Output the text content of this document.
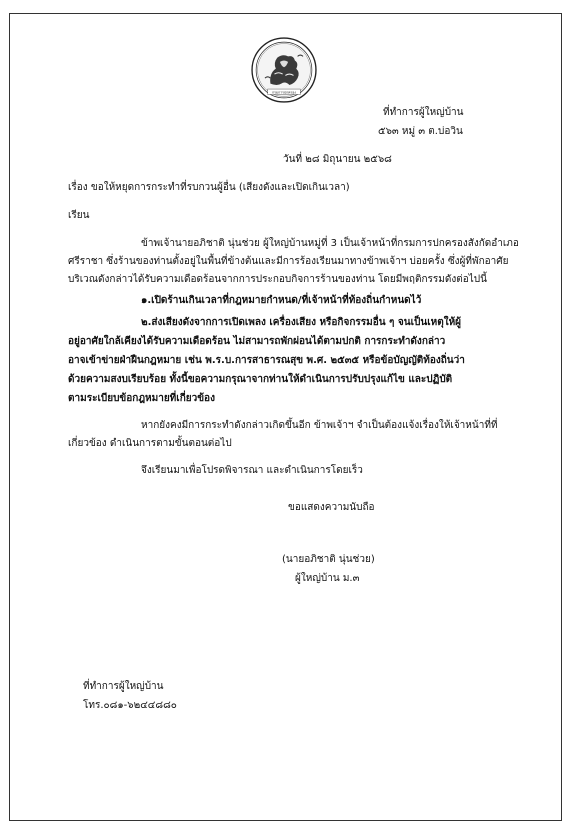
กรมการปกครอง
ที่ทำการผู้ใหญ่บ้าน
๕๖๓ หมู่ ๓ ต.บ่อวิน
วันที่ ๒๘ มิถุนายน ๒๕๖๘
เรื่อง ขอให้หยุดการกระทำที่รบกวนผู้อื่น (เสียงดังและเปิดเกินเวลา)
เรียน
ข้าพเจ้านายอภิชาติ นุ่นช่วย ผู้ใหญ่บ้านหมู่ที่ 3 เป็นเจ้าหน้าที่กรมการปกครองสังกัดอำเภอ
ศรีราชา ซึ่งร้านของท่านตั้งอยู่ในพื้นที่ข้างต้นและมีการร้องเรียนมาทางข้าพเจ้าฯ บ่อยครั้ง ซึ่งผู้ที่พักอาศัย
บริเวณดังกล่าวได้รับความเดือดร้อนจากการประกอบกิจการร้านของท่าน โดยมีพฤติกรรมดังต่อไปนี้
๑.เปิดร้านเกินเวลาที่กฎหมายกำหนด/ที่เจ้าหน้าที่ท้องถิ่นกำหนดไว้
๒.ส่งเสียงดังจากการเปิดเพลง เครื่องเสียง หรือกิจกรรมอื่น ๆ จนเป็นเหตุให้ผู้
อยู่อาศัยใกล้เคียงได้รับความเดือดร้อน ไม่สามารถพักผ่อนได้ตามปกติ การกระทำดังกล่าว
อาจเข้าข่ายฝ่าฝืนกฎหมาย เช่น พ.ร.บ.การสาธารณสุข พ.ศ. ๒๕๓๕ หรือข้อบัญญัติท้องถิ่นว่า
ด้วยความสงบเรียบร้อย ทั้งนี้ขอความกรุณาจากท่านให้ดำเนินการปรับปรุงแก้ไข และปฏิบัติ
ตามระเบียบข้อกฎหมายที่เกี่ยวข้อง
หากยังคงมีการกระทำดังกล่าวเกิดขึ้นอีก ข้าพเจ้าฯ จำเป็นต้องแจ้งเรื่องให้เจ้าหน้าที่ที่
เกี่ยวข้อง ดำเนินการตามขั้นตอนต่อไป
จึงเรียนมาเพื่อโปรดพิจารณา และดำเนินการโดยเร็ว
ขอแสดงความนับถือ
(นายอภิชาติ นุ่นช่วย)
ผู้ใหญ่บ้าน ม.๓
ที่ทำการผู้ใหญ่บ้าน
โทร.๐๘๑-๖๒๔๔๘๘๐
